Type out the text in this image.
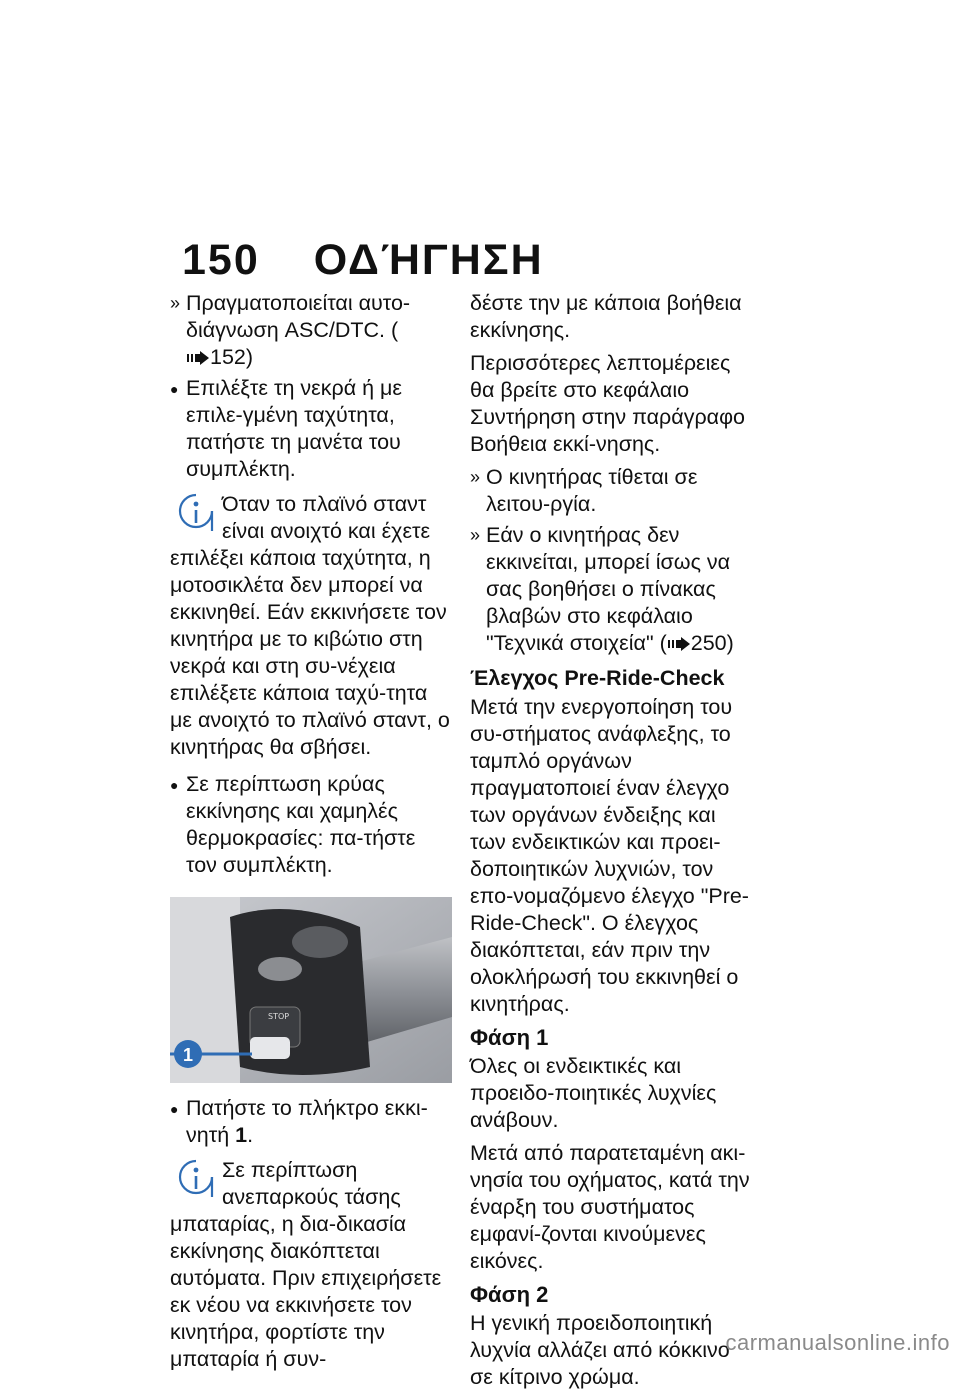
150 ΟΔΉΓΗΣΗ
» Πραγματοποιείται αυτο-διάγνωση ASC/DTC. (152)
● Επιλέξτε τη νεκρά ή με επιλε-γμένη ταχύτητα, πατήστε τη μανέτα του συμπλέκτη.
Όταν το πλαϊνό σταντ είναι ανοιχτό και έχετε επιλέξει κάποια ταχύτητα, η μοτοσικλέτα δεν μπορεί να εκκινηθεί. Εάν εκκινήσετε τον κινητήρα με το κιβώτιο στη νεκρά και στη συ-νέχεια επιλέξετε κάποια ταχύ-τητα με ανοιχτό το πλαϊνό σταντ, ο κινητήρας θα σβήσει.
● Σε περίπτωση κρύας εκκίνησης και χαμηλές θερμοκρασίες: πα-τήστε τον συμπλέκτη.
STOP
1
● Πατήστε το πλήκτρο εκκι-νητή 1.
Σε περίπτωση ανεπαρκούς τάσης μπαταρίας, η δια-δικασία εκκίνησης διακόπτεται αυτόματα. Πριν επιχειρήσετε εκ νέου να εκκινήσετε τον κινητήρα, φορτίστε την μπαταρία ή συν-
δέστε την με κάποια βοήθεια εκκίνησης.
Περισσότερες λεπτομέρειες θα βρείτε στο κεφάλαιο Συντήρηση στην παράγραφο Βοήθεια εκκί-νησης.
» Ο κινητήρας τίθεται σε λειτου-ργία.
» Εάν ο κινητήρας δεν εκκινείται, μπορεί ίσως να σας βοηθήσει ο πίνακας βλαβών στο κεφάλαιο "Τεχνικά στοιχεία" ( 250)
Έλεγχος Pre-Ride-Check
Μετά την ενεργοποίηση του συ-στήματος ανάφλεξης, το ταμπλό οργάνων πραγματοποιεί έναν έλεγχο των οργάνων ένδειξης και των ενδεικτικών και προει-δοποιητικών λυχνιών, τον επο-νομαζόμενο έλεγχο "Pre-Ride-Check". Ο έλεγχος διακόπτεται, εάν πριν την ολοκλήρωσή του εκκινηθεί ο κινητήρας.
Φάση 1
Όλες οι ενδεικτικές και προειδο-ποιητικές λυχνίες ανάβουν.
Μετά από παρατεταμένη ακι-νησία του οχήματος, κατά την έναρξη του συστήματος εμφανί-ζονται κινούμενες εικόνες.
Φάση 2
Η γενική προειδοποιητική λυχνία αλλάζει από κόκκινο σε κίτρινο χρώμα.
carmanualsonline.info
